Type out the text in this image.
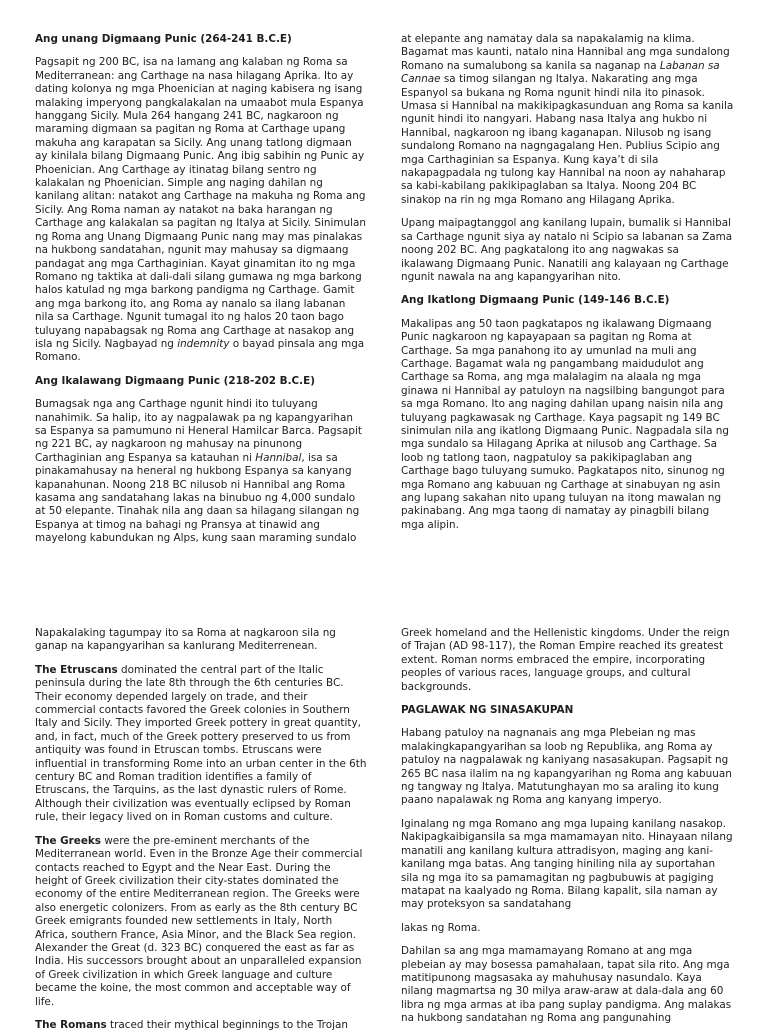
Ang unang Digmaang Punic (264-241 B.C.E)
Pagsapit ng 200 BC, isa na lamang ang kalaban ng Roma sa Mediterranean: ang Carthage na nasa hilagang Aprika. Ito ay dating kolonya ng mga Phoenician at naging kabisera ng isang malaking imperyong pangkalakalan na umaabot mula Espanya hanggang Sicily. Mula 264 hangang 241 BC, nagkaroon ng maraming digmaan sa pagitan ng Roma at Carthage upang makuha ang karapatan sa Sicily. Ang unang tatlong digmaan ay kinilala bilang Digmaang Punic. Ang ibig sabihin ng Punic ay Phoenician. Ang Carthage ay itinatag bilang sentro ng kalakalan ng Phoenician. Simple ang naging dahilan ng kanilang alitan: natakot ang Carthage na makuha ng Roma ang Sicily. Ang Roma naman ay natakot na baka harangan ng Carthage ang kalakalan sa pagitan ng Italya at Sicily. Sinimulan ng Roma ang Unang Digmaang Punic nang may mas pinalakas na hukbong sandatahan, ngunit may mahusay sa digmaang pandagat ang mga Carthaginian. Kayat ginamitan ito ng mga Romano ng taktika at dali-dali silang gumawa ng mga barkong halos katulad ng mga barkong pandigma ng Carthage. Gamit ang mga barkong ito, ang Roma ay nanalo sa ilang labanan nila sa Carthage. Ngunit tumagal ito ng halos 20 taon bago tuluyang napabagsak ng Roma ang Carthage at nasakop ang isla ng Sicily. Nagbayad ng indemnity o bayad pinsala ang mga Romano.
Ang Ikalawang Digmaang Punic (218-202 B.C.E)
Bumagsak nga ang Carthage ngunit hindi ito tuluyang nanahimik. Sa halip, ito ay nagpalawak pa ng kapangyarihan sa Espanya sa pamumuno ni Heneral Hamilcar Barca. Pagsapit ng 221 BC, ay nagkaroon ng mahusay na pinunong Carthaginian ang Espanya sa katauhan ni Hannibal, isa sa pinakamahusay na heneral ng hukbong Espanya sa kanyang kapanahunan. Noong 218 BC nilusob ni Hannibal ang Roma kasama ang sandatahang lakas na binubuo ng 4,000 sundalo at 50 elepante. Tinahak nila ang daan sa hilagang silangan ng Espanya at timog na bahagi ng Pransya at tinawid ang mayelong kabundukan ng Alps, kung saan maraming sundalo
at elepante ang namatay dala sa napakalamig na klima. Bagamat mas kaunti, natalo nina Hannibal ang mga sundalong Romano na sumalubong sa kanila sa naganap na Labanan sa Cannae sa timog silangan ng Italya. Nakarating ang mga Espanyol sa bukana ng Roma ngunit hindi nila ito pinasok. Umasa si Hannibal na makikipagkasunduan ang Roma sa kanila ngunit hindi ito nangyari. Habang nasa Italya ang hukbo ni Hannibal, nagkaroon ng ibang kaganapan. Nilusob ng isang sundalong Romano na nagngagalang Hen. Publius Scipio ang mga Carthaginian sa Espanya. Kung kaya’t di sila nakapagpadala ng tulong kay Hannibal na noon ay nahaharap sa kabi-kabilang pakikipaglaban sa Italya. Noong 204 BC sinakop na rin ng mga Romano ang Hilagang Aprika.
Upang maipagtanggol ang kanilang lupain, bumalik si Hannibal sa Carthage ngunit siya ay natalo ni Scipio sa labanan sa Zama noong 202 BC. Ang pagkatalong ito ang nagwakas sa ikalawang Digmaang Punic. Nanatili ang kalayaan ng Carthage ngunit nawala na ang kapangyarihan nito.
Ang Ikatlong Digmaang Punic (149-146 B.C.E)
Makalipas ang 50 taon pagkatapos ng ikalawang Digmaang Punic nagkaroon ng kapayapaan sa pagitan ng Roma at Carthage. Sa mga panahong ito ay umunlad na muli ang Carthage. Bagamat wala ng pangambang maidudulot ang Carthage sa Roma, ang mga malalagim na alaala ng mga ginawa ni Hannibal ay patuloyn na nagsilbing bangungot para sa mga Romano. Ito ang naging dahilan upang naisin nila ang tuluyang pagkawasak ng Carthage. Kaya pagsapit ng 149 BC sinimulan nila ang ikatlong Digmaang Punic. Nagpadala sila ng mga sundalo sa Hilagang Aprika at nilusob ang Carthage. Sa loob ng tatlong taon, nagpatuloy sa pakikipaglaban ang Carthage bago tuluyang sumuko. Pagkatapos nito, sinunog ng mga Romano ang kabuuan ng Carthage at sinabuyan ng asin ang lupang sakahan nito upang tuluyan na itong mawalan ng pakinabang. Ang mga taong di namatay ay pinagbili bilang mga alipin.
Napakalaking tagumpay ito sa Roma at nagkaroon sila ng ganap na kapangyarihan sa kanlurang Mediterrenean.
The Etruscans dominated the central part of the Italic peninsula during the late 8th through the 6th centuries BC. Their economy depended largely on trade, and their commercial contacts favored the Greek colonies in Southern Italy and Sicily. They imported Greek pottery in great quantity, and, in fact, much of the Greek pottery preserved to us from antiquity was found in Etruscan tombs. Etruscans were influential in transforming Rome into an urban center in the 6th century BC and Roman tradition identifies a family of Etruscans, the Tarquins, as the last dynastic rulers of Rome. Although their civilization was eventually eclipsed by Roman rule, their legacy lived on in Roman customs and culture.
The Greeks were the pre-eminent merchants of the Mediterranean world. Even in the Bronze Age their commercial contacts reached to Egypt and the Near East. During the height of Greek civilization their city-states dominated the economy of the entire Mediterranean region. The Greeks were also energetic colonizers. From as early as the 8th century BC Greek emigrants founded new settlements in Italy, North Africa, southern France, Asia Minor, and the Black Sea region. Alexander the Great (d. 323 BC) conquered the east as far as India. His successors brought about an unparalleled expansion of Greek civilization in which Greek language and culture became the koine, the most common and acceptable way of life.
The Romans traced their mythical beginnings to the Trojan
Greek homeland and the Hellenistic kingdoms. Under the reign of Trajan (AD 98-117), the Roman Empire reached its greatest extent. Roman norms embraced the empire, incorporating peoples of various races, language groups, and cultural backgrounds.
PAGLAWAK NG SINASAKUPAN
Habang patuloy na nagnanais ang mga Plebeian ng mas malakingkapangyarihan sa loob ng Republika, ang Roma ay patuloy na nagpalawak ng kaniyang nasasakupan. Pagsapit ng 265 BC nasa ilalim na ng kapangyarihan ng Roma ang kabuuan ng tangway ng Italya. Matutunghayan mo sa araling ito kung paano napalawak ng Roma ang kanyang imperyo.
Iginalang ng mga Romano ang mga lupaing kanilang nasakop. Nakipagkaibigansila sa mga mamamayan nito. Hinayaan nilang manatili ang kanilang kultura attradisyon, maging ang kani-kanilang mga batas. Ang tanging hiniling nila ay suportahan sila ng mga ito sa pamamagitan ng pagbubuwis at pagiging matapat na kaalyado ng Roma. Bilang kapalit, sila naman ay may proteksyon sa sandatahang
lakas ng Roma.
Dahilan sa ang mga mamamayang Romano at ang mga plebeian ay may bosessa pamahalaan, tapat sila rito. Ang mga matitipunong magsasaka ay mahuhusay nasundalo. Kaya nilang magmartsa ng 30 milya araw-araw at dala-dala ang 60 libra ng mga armas at iba pang suplay pandigma. Ang malakas na hukbong sandatahan ng Roma ang pangunahing
